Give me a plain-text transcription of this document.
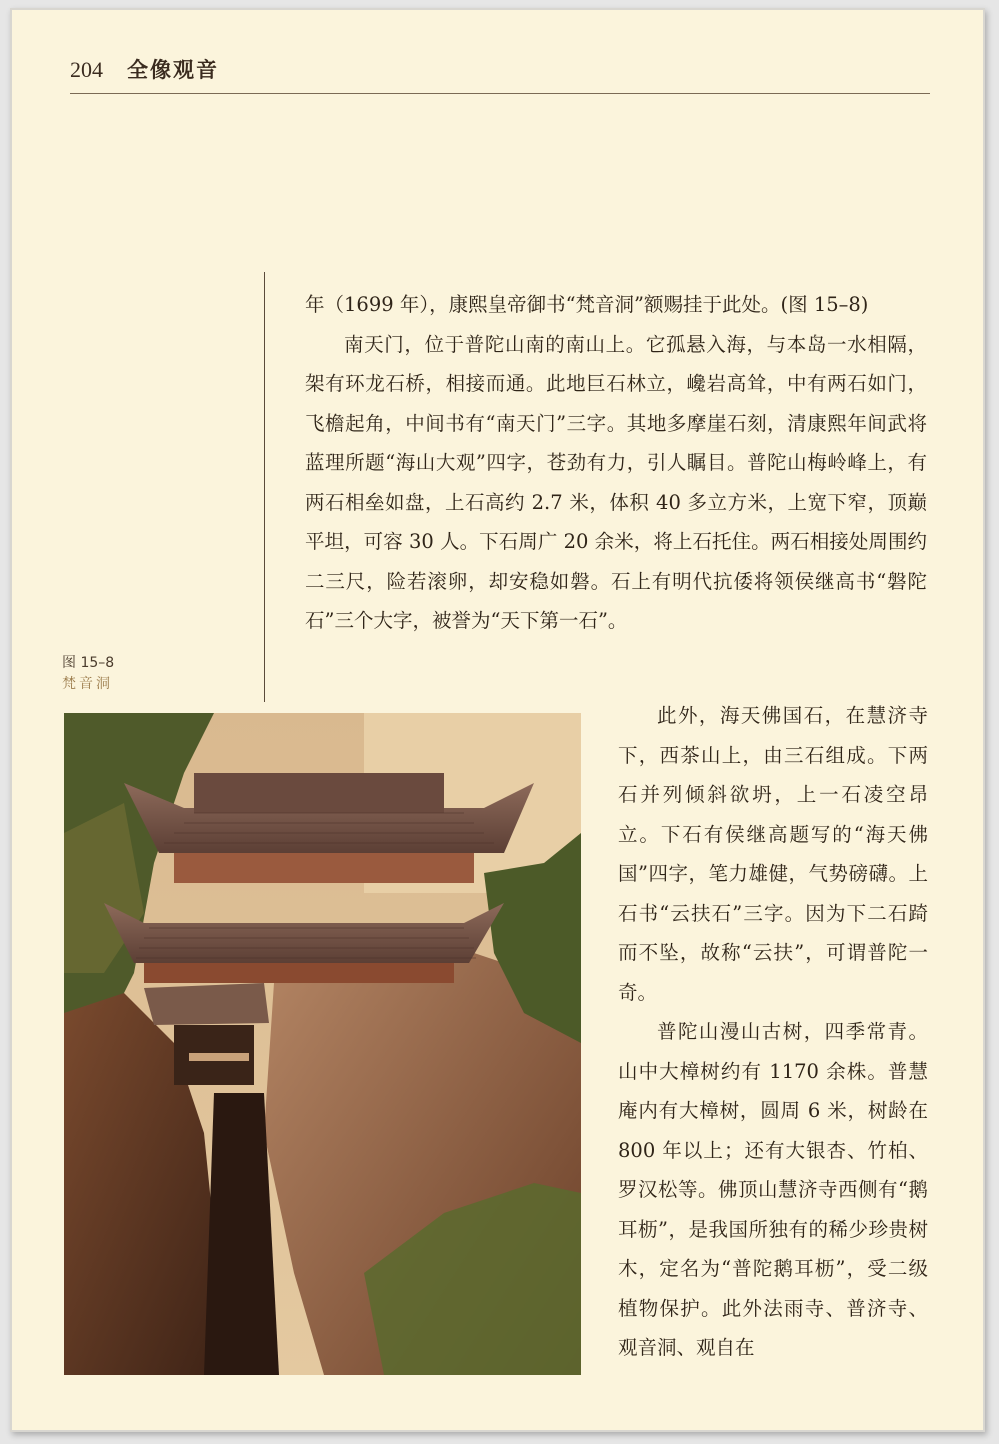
204 全像观音

年（1699 年），康熙皇帝御书“梵音洞”额赐挂于此处。(图 15–8)

南天门，位于普陀山南的南山上。它孤悬入海，与本岛一水相隔，架有环龙石桥，相接而通。此地巨石林立，巉岩高耸，中有两石如门，飞檐起角，中间书有“南天门”三字。其地多摩崖石刻，清康熙年间武将蓝理所题“海山大观”四字，苍劲有力，引人瞩目。普陀山梅岭峰上，有两石相垒如盘，上石高约 2.7 米，体积 40 多立方米，上宽下窄，顶巅平坦，可容 30 人。下石周广 20 余米，将上石托住。两石相接处周围约二三尺，险若滚卵，却安稳如磐。石上有明代抗倭将领侯继高书“磐陀石”三个大字，被誉为“天下第一石”。

图 15–8
梵音洞

此外，海天佛国石，在慧济寺下，西茶山上，由三石组成。下两石并列倾斜欲坍，上一石凌空昂立。下石有侯继高题写的“海天佛国”四字，笔力雄健，气势磅礴。上石书“云扶石”三字。因为下二石踦而不坠，故称“云扶”，可谓普陀一奇。

普陀山漫山古树，四季常青。山中大樟树约有 1170 余株。普慧庵内有大樟树，圆周 6 米，树龄在 800 年以上；还有大银杏、竹柏、罗汉松等。佛顶山慧济寺西侧有“鹅耳枥”，是我国所独有的稀少珍贵树木，定名为“普陀鹅耳枥”，受二级植物保护。此外法雨寺、普济寺、观音洞、观自在
